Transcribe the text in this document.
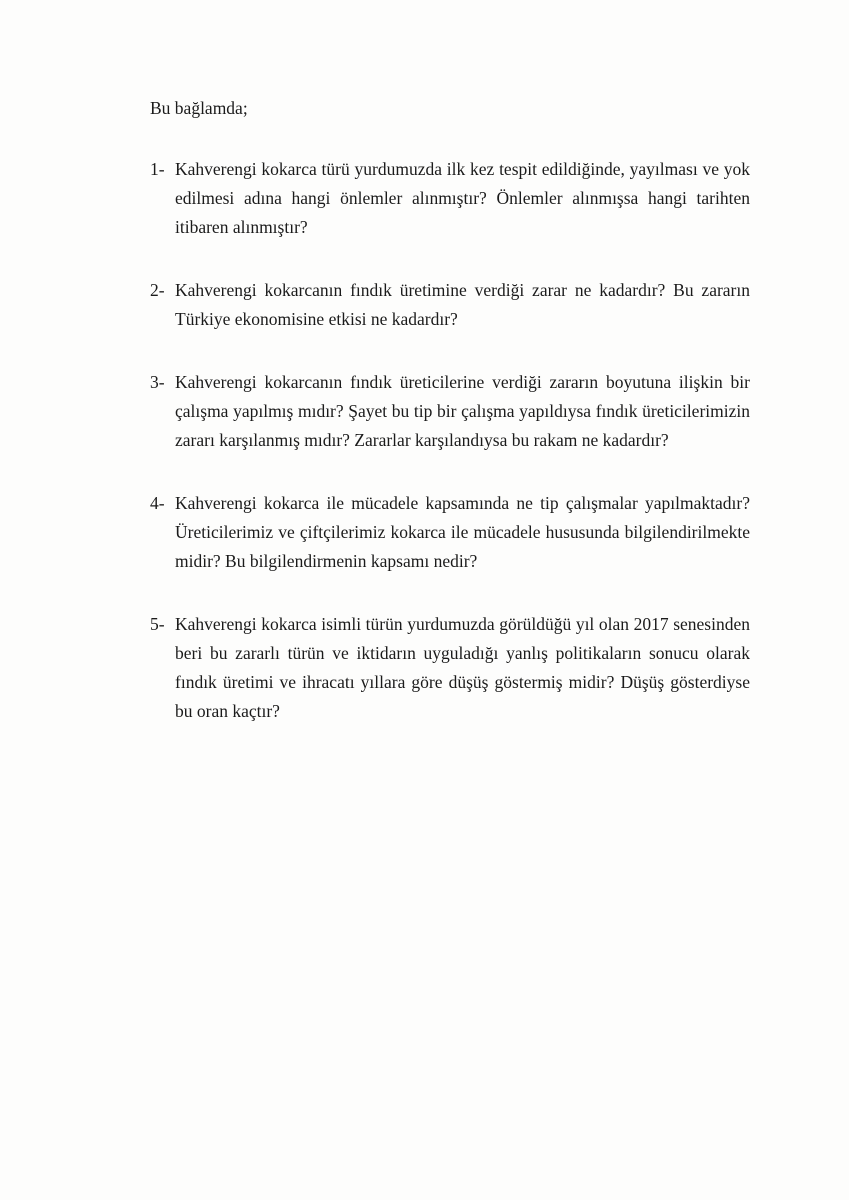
Bu bağlamda;
1- Kahverengi kokarca türü yurdumuzda ilk kez tespit edildiğinde, yayılması ve yok edilmesi adına hangi önlemler alınmıştır? Önlemler alınmışsa hangi tarihten itibaren alınmıştır?
2- Kahverengi kokarcanın fındık üretimine verdiği zarar ne kadardır? Bu zararın Türkiye ekonomisine etkisi ne kadardır?
3- Kahverengi kokarcanın fındık üreticilerine verdiği zararın boyutuna ilişkin bir çalışma yapılmış mıdır? Şayet bu tip bir çalışma yapıldıysa fındık üreticilerimizin zararı karşılanmış mıdır? Zararlar karşılandıysa bu rakam ne kadardır?
4- Kahverengi kokarca ile mücadele kapsamında ne tip çalışmalar yapılmaktadır? Üreticilerimiz ve çiftçilerimiz kokarca ile mücadele hususunda bilgilendirilmekte midir? Bu bilgilendirmenin kapsamı nedir?
5- Kahverengi kokarca isimli türün yurdumuzda görüldüğü yıl olan 2017 senesinden beri bu zararlı türün ve iktidarın uyguladığı yanlış politikaların sonucu olarak fındık üretimi ve ihracatı yıllara göre düşüş göstermiş midir? Düşüş gösterdiyse bu oran kaçtır?
